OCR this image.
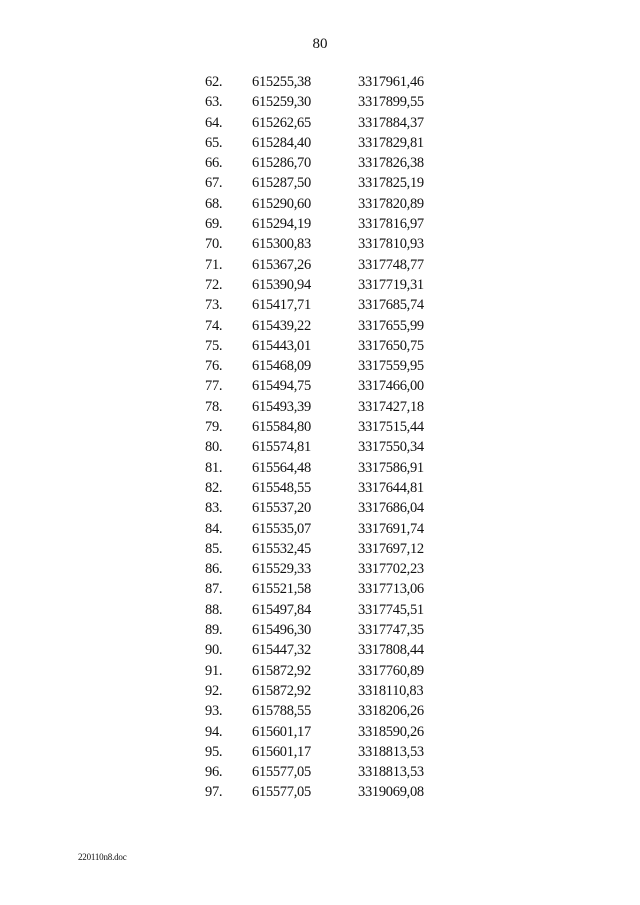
80
62.	615255,38	3317961,46
63.	615259,30	3317899,55
64.	615262,65	3317884,37
65.	615284,40	3317829,81
66.	615286,70	3317826,38
67.	615287,50	3317825,19
68.	615290,60	3317820,89
69.	615294,19	3317816,97
70.	615300,83	3317810,93
71.	615367,26	3317748,77
72.	615390,94	3317719,31
73.	615417,71	3317685,74
74.	615439,22	3317655,99
75.	615443,01	3317650,75
76.	615468,09	3317559,95
77.	615494,75	3317466,00
78.	615493,39	3317427,18
79.	615584,80	3317515,44
80.	615574,81	3317550,34
81.	615564,48	3317586,91
82.	615548,55	3317644,81
83.	615537,20	3317686,04
84.	615535,07	3317691,74
85.	615532,45	3317697,12
86.	615529,33	3317702,23
87.	615521,58	3317713,06
88.	615497,84	3317745,51
89.	615496,30	3317747,35
90.	615447,32	3317808,44
91.	615872,92	3317760,89
92.	615872,92	3318110,83
93.	615788,55	3318206,26
94.	615601,17	3318590,26
95.	615601,17	3318813,53
96.	615577,05	3318813,53
97.	615577,05	3319069,08
220110n8.doc
